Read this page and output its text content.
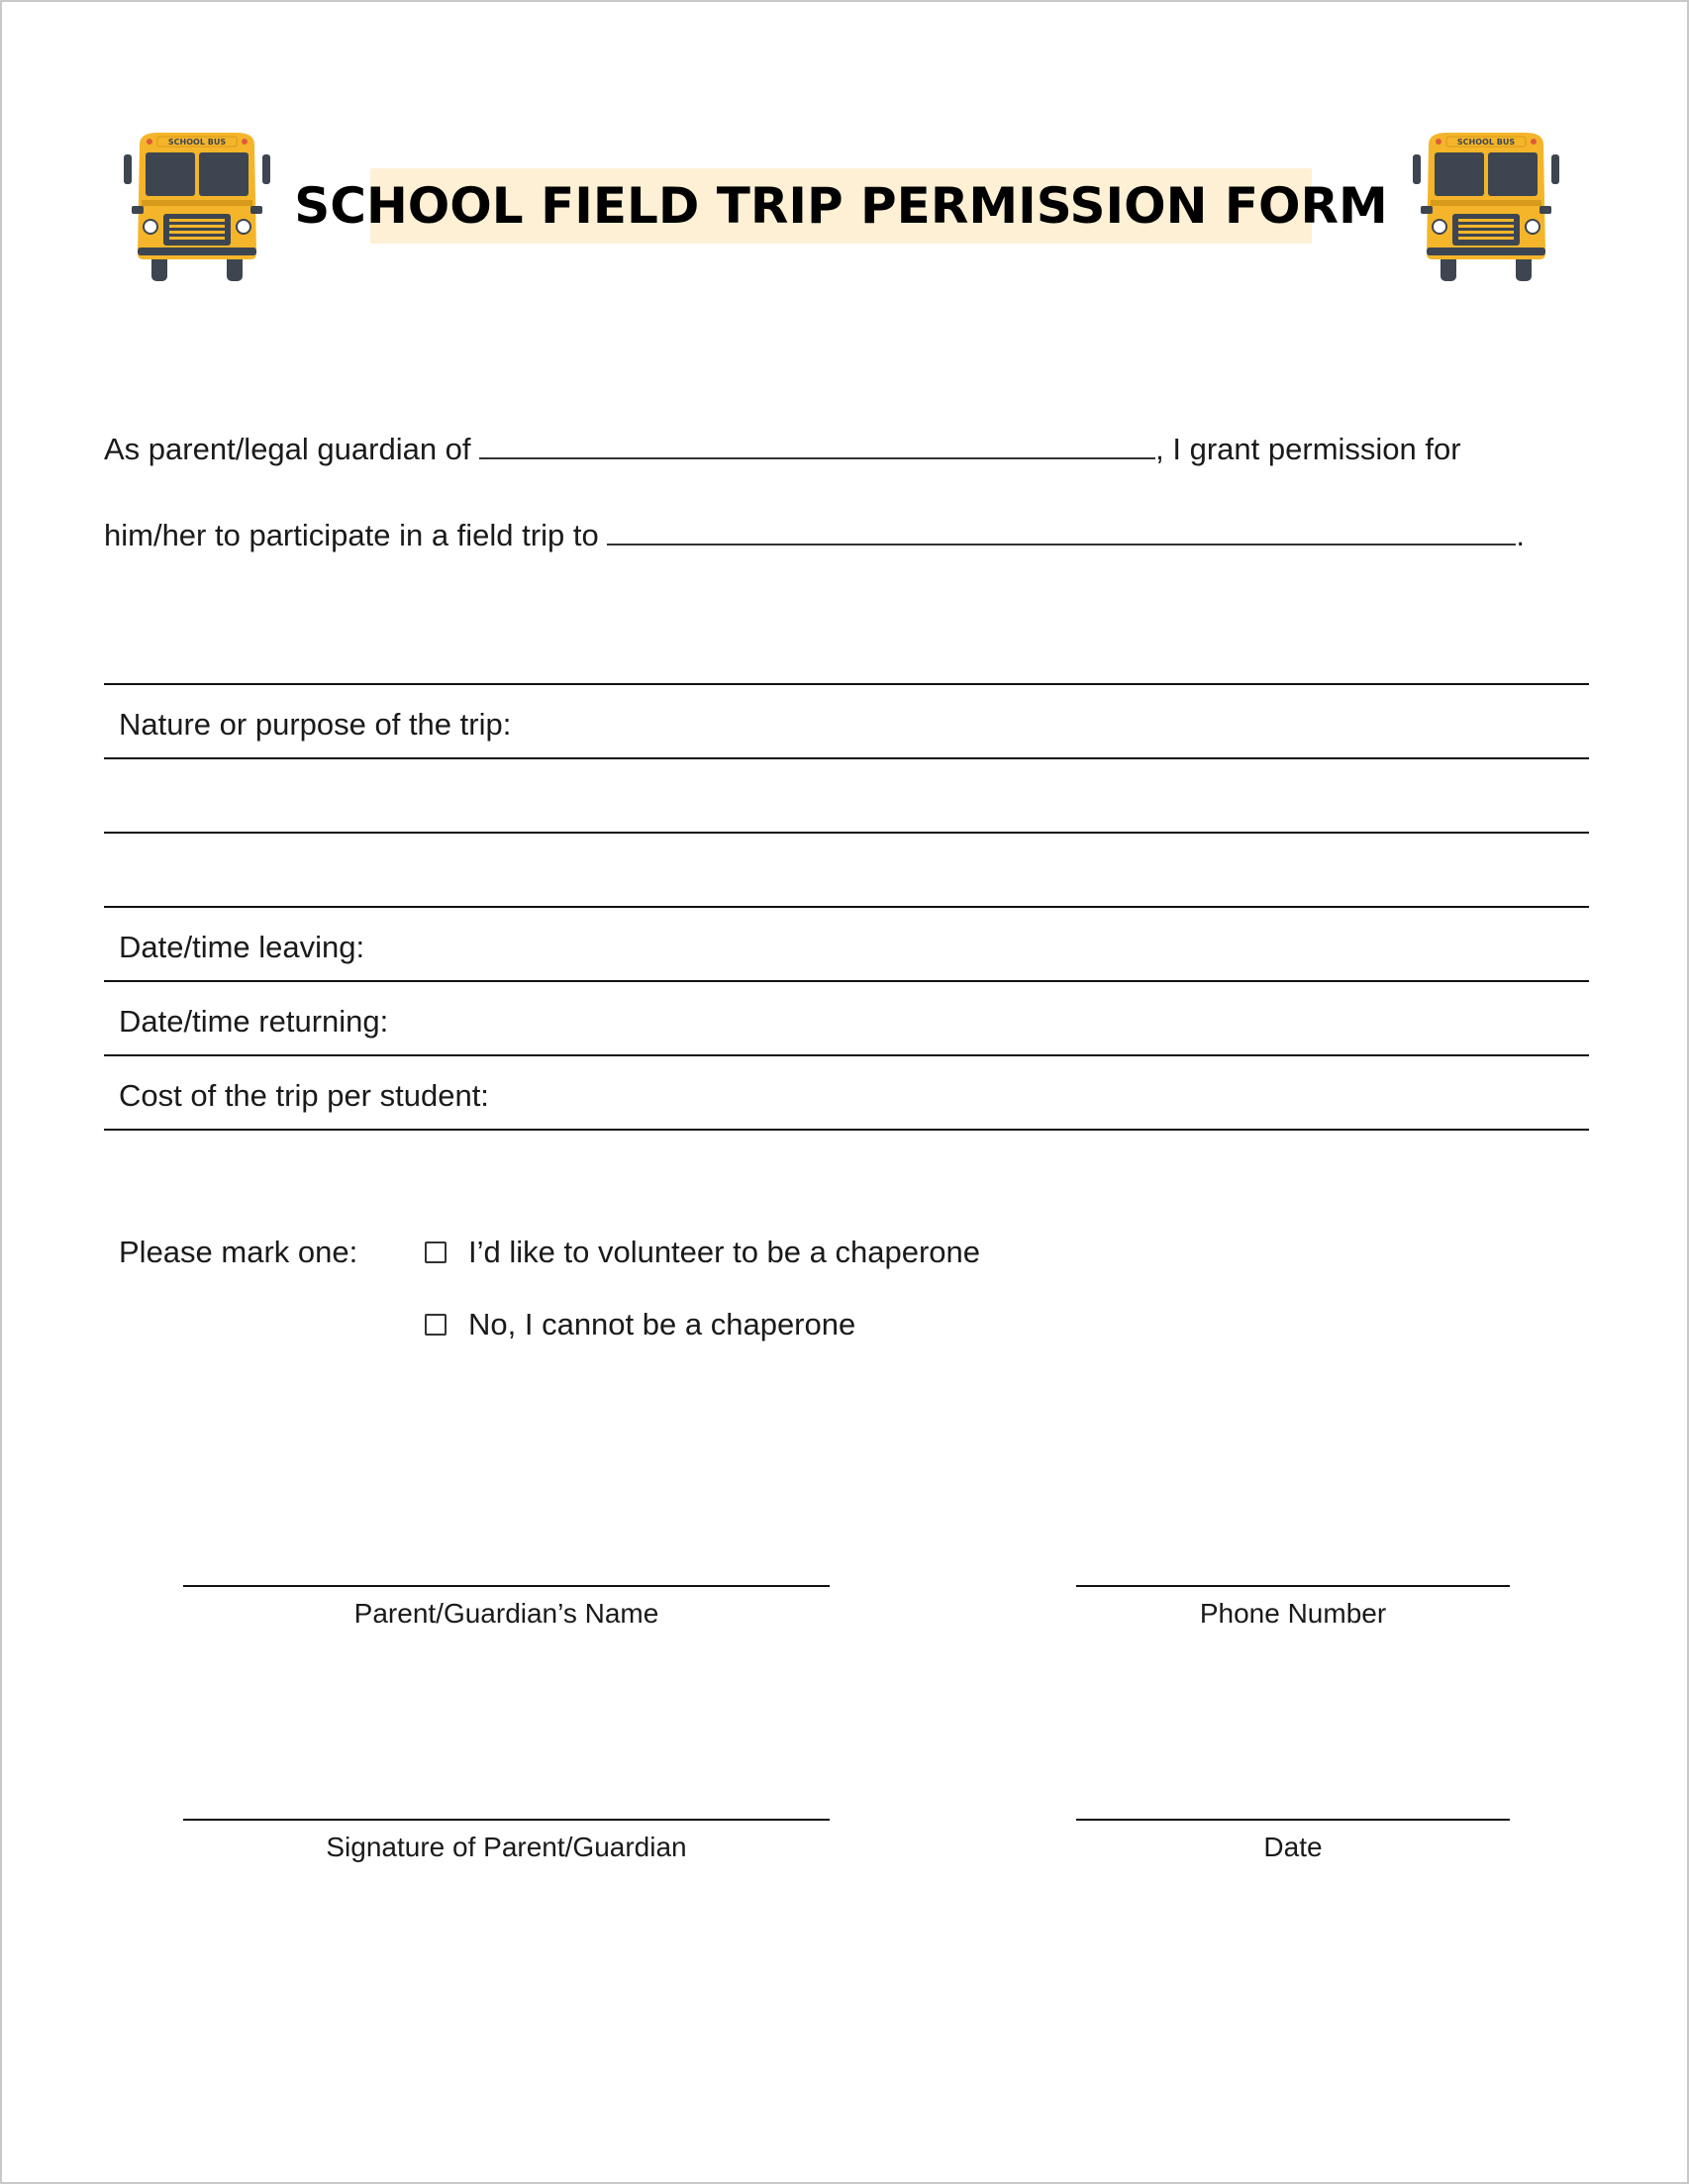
SCHOOL BUS
SCHOOL FIELD TRIP PERMISSION FORM
SCHOOL BUS
As parent/legal guardian of	, I grant permission for
him/her to participate in a field trip to	.
Nature or purpose of the trip:
Date/time leaving:
Date/time returning:
Cost of the trip per student:
Please mark one:	I’d like to volunteer to be a chaperone
No, I cannot be a chaperone
Parent/Guardian’s Name	Phone Number
Signature of Parent/Guardian	Date
